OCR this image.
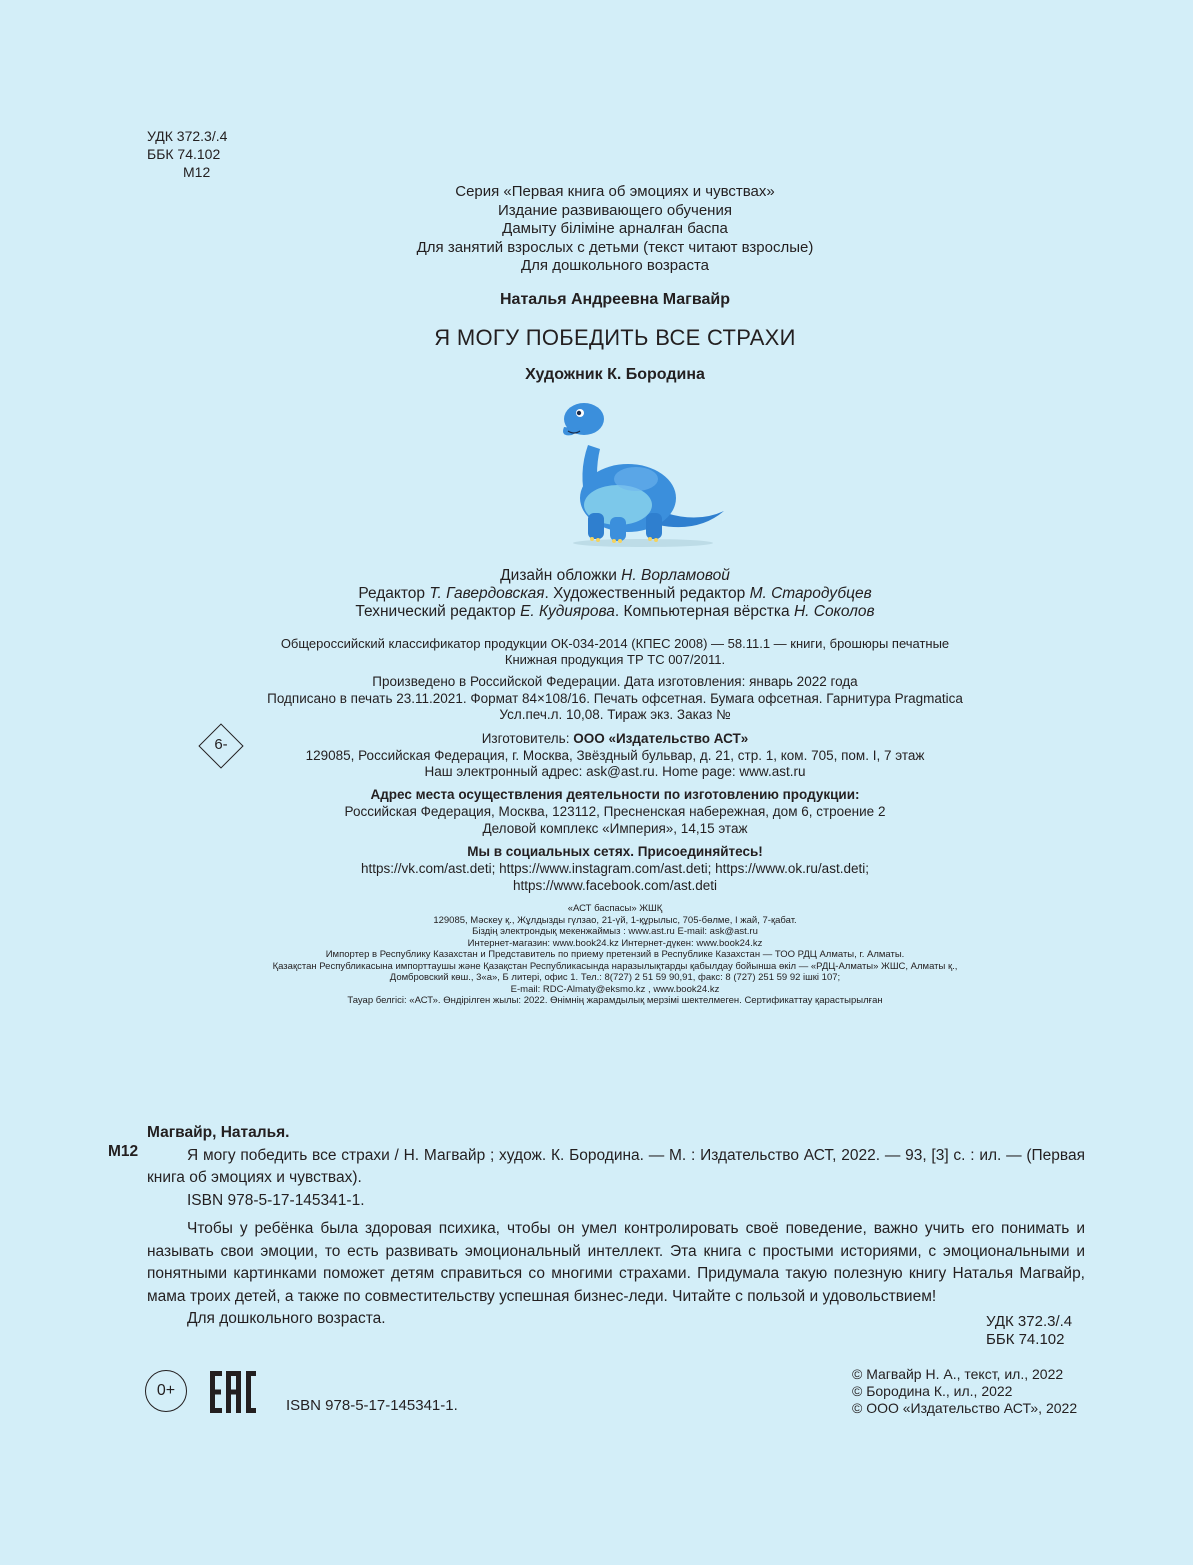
УДК 372.3/.4
ББК 74.102
М12
Серия «Первая книга об эмоциях и чувствах»
Издание развивающего обучения
Дамыту біліміне арналған баспа
Для занятий взрослых с детьми (текст читают взрослые)
Для дошкольного возраста
Наталья Андреевна Магвайр
Я МОГУ ПОБЕДИТЬ ВСЕ СТРАХИ
Художник К. Бородина
Дизайн обложки Н. Ворламовой
Редактор Т. Гавердовская. Художественный редактор М. Стародубцев
Технический редактор Е. Кудиярова. Компьютерная вёрстка Н. Соколов
Общероссийский классификатор продукции ОК-034-2014 (КПЕС 2008) — 58.11.1 — книги, брошюры печатные
Книжная продукция ТР ТС 007/2011.
Произведено в Российской Федерации. Дата изготовления: январь 2022 года
Подписано в печать 23.11.2021. Формат 84×108/16. Печать офсетная. Бумага офсетная. Гарнитура Pragmatica
Усл.печ.л. 10,08. Тираж экз. Заказ №
6-	Изготовитель: ООО «Издательство АСТ»
129085, Российская Федерация, г. Москва, Звёздный бульвар, д. 21, стр. 1, ком. 705, пом. I, 7 этаж
Наш электронный адрес: ask@ast.ru. Home page: www.ast.ru
Адрес места осуществления деятельности по изготовлению продукции:
Российская Федерация, Москва, 123112, Пресненская набережная, дом 6, строение 2
Деловой комплекс «Империя», 14,15 этаж
Мы в социальных сетях. Присоединяйтесь!
https://vk.com/ast.deti; https://www.instagram.com/ast.deti; https://www.ok.ru/ast.deti;
https://www.facebook.com/ast.deti
«АСТ баспасы» ЖШҚ
129085, Мәскеу қ., Жұлдызды гүлзао, 21-үй, 1-құрылыс, 705-бөлме, I жай, 7-қабат.
Біздің электрондық мекенжаймыз : www.ast.ru E-mail: ask@ast.ru
Интернет-магазин: www.book24.kz Интернет-дүкен: www.book24.kz
Импортер в Республику Казахстан и Представитель по приему претензий в Республике Казахстан — ТОО РДЦ Алматы, г. Алматы.
Қазақстан Республикасына импорттаушы және Қазақстан Республикасында наразылықтарды қабылдау бойынша өкіл — «РДЦ-Алматы» ЖШС, Алматы қ.,
Домбровский көш., 3«а», Б литері, офис 1. Тел.: 8(727) 2 51 59 90,91, факс: 8 (727) 251 59 92 ішкі 107;
E-mail: RDC-Almaty@eksmo.kz , www.book24.kz
Тауар белгісі: «АСТ». Өндірілген жылы: 2022. Өнімнің жарамдылық мерзімі шектелмеген. Сертификаттау қарастырылған
М12

Магвайр, Наталья.

Я могу победить все страхи / Н. Магвайр ; худож. К. Бородина. — М. : Издательство АСТ, 2022. — 93, [3] с. : ил. — (Первая книга об эмоциях и чувствах).

ISBN 978-5-17-145341-1.

Чтобы у ребёнка была здоровая психика, чтобы он умел контролировать своё поведение, важно учить его понимать и называть свои эмоции, то есть развивать эмоциональный интеллект. Эта книга с простыми историями, с эмоциональными и понятными картинками поможет детям справиться со многими страхами. Придумала такую полезную книгу Наталья Магвайр, мама троих детей, а также по совместительству успешная бизнес-леди. Читайте с пользой и удовольствием!

Для дошкольного возраста.	УДК 372.3/.4
ББК 74.102
© Магвайр Н. А., текст, ил., 2022
© Бородина К., ил., 2022
© ООО «Издательство АСТ», 2022
0+
ISBN 978-5-17-145341-1.
